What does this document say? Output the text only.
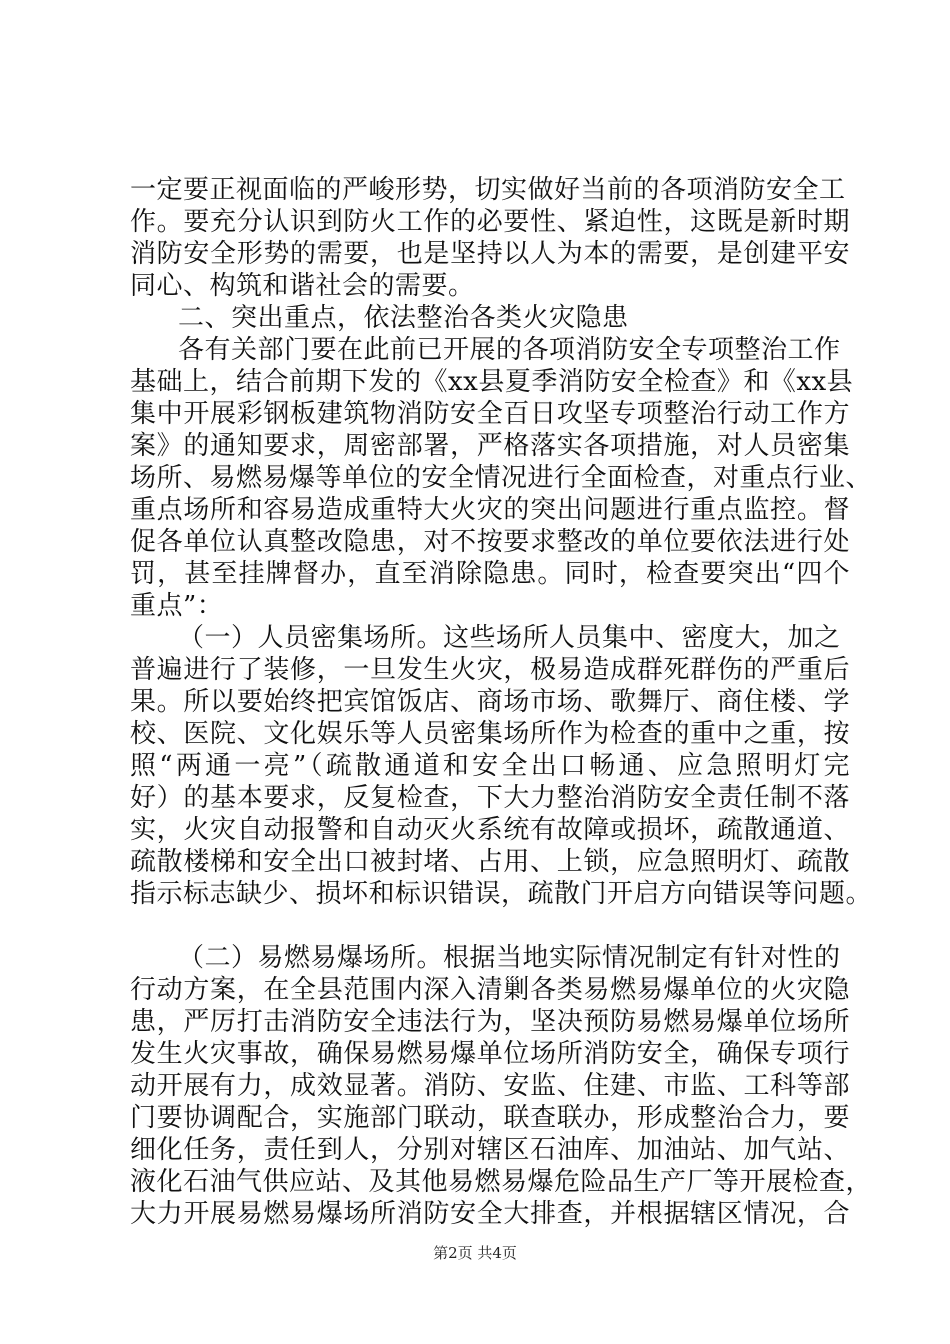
一定要正视面临的严峻形势，切实做好当前的各项消防安全工
作。要充分认识到防火工作的必要性、紧迫性，这既是新时期
消防安全形势的需要，也是坚持以人为本的需要，是创建平安
同心、构筑和谐社会的需要。
二、突出重点，依法整治各类火灾隐患
各有关部门要在此前已开展的各项消防安全专项整治工作
基础上，结合前期下发的《xx县夏季消防安全检查》和《xx县
集中开展彩钢板建筑物消防安全百日攻坚专项整治行动工作方
案》的通知要求，周密部署，严格落实各项措施，对人员密集
场所、易燃易爆等单位的安全情况进行全面检查，对重点行业、
重点场所和容易造成重特大火灾的突出问题进行重点监控。督
促各单位认真整改隐患，对不按要求整改的单位要依法进行处
罚，甚至挂牌督办，直至消除隐患。同时，检查要突出“四个
重点”：
（一）人员密集场所。这些场所人员集中、密度大，加之
普遍进行了装修，一旦发生火灾，极易造成群死群伤的严重后
果。所以要始终把宾馆饭店、商场市场、歌舞厅、商住楼、学
校、医院、文化娱乐等人员密集场所作为检查的重中之重，按
照“两通一亮”（疏散通道和安全出口畅通、应急照明灯完
好）的基本要求，反复检查，下大力整治消防安全责任制不落
实，火灾自动报警和自动灭火系统有故障或损坏，疏散通道、
疏散楼梯和安全出口被封堵、占用、上锁，应急照明灯、疏散
指示标志缺少、损坏和标识错误，疏散门开启方向错误等问题。
（二）易燃易爆场所。根据当地实际情况制定有针对性的
行动方案，在全县范围内深入清剿各类易燃易爆单位的火灾隐
患，严厉打击消防安全违法行为，坚决预防易燃易爆单位场所
发生火灾事故，确保易燃易爆单位场所消防安全，确保专项行
动开展有力，成效显著。消防、安监、住建、市监、工科等部
门要协调配合，实施部门联动，联查联办，形成整治合力，要
细化任务，责任到人，分别对辖区石油库、加油站、加气站、
液化石油气供应站、及其他易燃易爆危险品生产厂等开展检查，
大力开展易燃易爆场所消防安全大排查，并根据辖区情况，合
第2页 共4页
